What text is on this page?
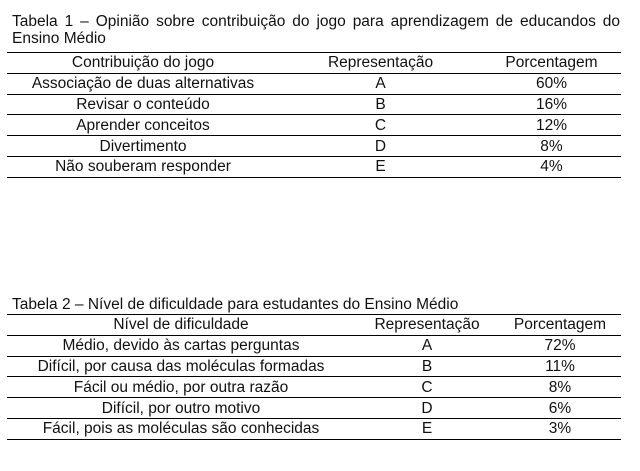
Tabela 1 – Opinião sobre contribuição do jogo para aprendizagem de educandos do Ensino Médio

Contribuição do jogo	Representação	Porcentagem
Associação de duas alternativas	A	60%
Revisar o conteúdo	B	16%
Aprender conceitos	C	12%
Divertimento	D	8%
Não souberam responder	E	4%

Tabela 2 – Nível de dificuldade para estudantes do Ensino Médio

Nível de dificuldade	Representação	Porcentagem
Médio, devido às cartas perguntas	A	72%
Difícil, por causa das moléculas formadas	B	11%
Fácil ou médio, por outra razão	C	8%
Difícil, por outro motivo	D	6%
Fácil, pois as moléculas são conhecidas	E	3%
